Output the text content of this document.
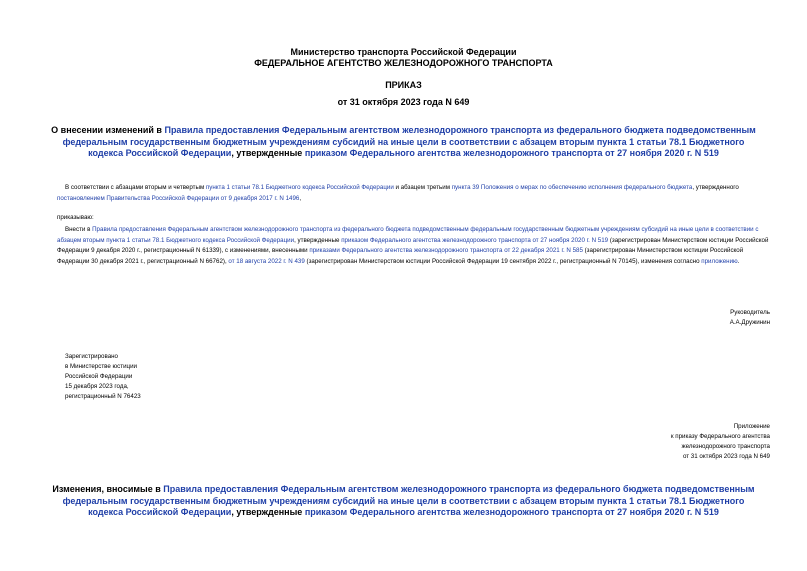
Министерство транспорта Российской Федерации
ФЕДЕРАЛЬНОЕ АГЕНТСТВО ЖЕЛЕЗНОДОРОЖНОГО ТРАНСПОРТА
ПРИКАЗ
от 31 октября 2023 года N 649
О внесении изменений в Правила предоставления Федеральным агентством железнодорожного транспорта из федерального бюджета подведомственным федеральным государственным бюджетным учреждениям субсидий на иные цели в соответствии с абзацем вторым пункта 1 статьи 78.1 Бюджетного кодекса Российской Федерации, утвержденные приказом Федерального агентства железнодорожного транспорта от 27 ноября 2020 г. N 519
В соответствии с абзацами вторым и четвертым пункта 1 статьи 78.1 Бюджетного кодекса Российской Федерации и абзацем третьим пункта 39 Положения о мерах по обеспечению исполнения федерального бюджета, утвержденного постановлением Правительства Российской Федерации от 9 декабря 2017 г. N 1496,
приказываю:
Внести в Правила предоставления Федеральным агентством железнодорожного транспорта из федерального бюджета подведомственным федеральным государственным бюджетным учреждениям субсидий на иные цели в соответствии с абзацем вторым пункта 1 статьи 78.1 Бюджетного кодекса Российской Федерации, утвержденные приказом Федерального агентства железнодорожного транспорта от 27 ноября 2020 г. N 519 (зарегистрирован Министерством юстиции Российской Федерации 9 декабря 2020 г., регистрационный N 61339), с изменениями, внесенными приказами Федерального агентства железнодорожного транспорта от 22 декабря 2021 г. N 585 (зарегистрирован Министерством юстиции Российской Федерации 30 декабря 2021 г., регистрационный N 66762), от 18 августа 2022 г. N 439 (зарегистрирован Министерством юстиции Российской Федерации 19 сентября 2022 г., регистрационный N 70145), изменения согласно приложению.
Руководитель
А.А.Дружинин
Зарегистрировано
в Министерстве юстиции
Российской Федерации
15 декабря 2023 года,
регистрационный N 76423
Приложение
к приказу Федерального агентства
железнодорожного транспорта
от 31 октября 2023 года N 649
Изменения, вносимые в Правила предоставления Федеральным агентством железнодорожного транспорта из федерального бюджета подведомственным федеральным государственным бюджетным учреждениям субсидий на иные цели в соответствии с абзацем вторым пункта 1 статьи 78.1 Бюджетного кодекса Российской Федерации, утвержденные приказом Федерального агентства железнодорожного транспорта от 27 ноября 2020 г. N 519
